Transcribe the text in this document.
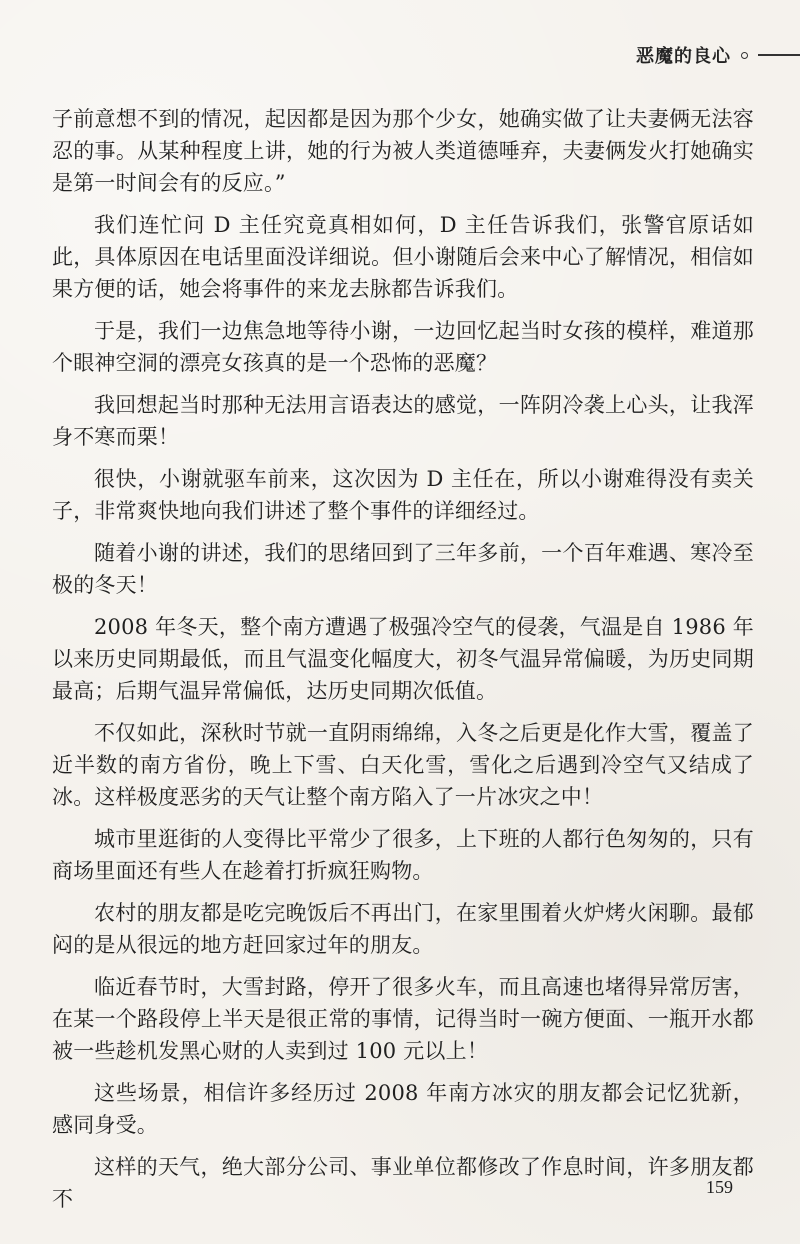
恶魔的良心

子前意想不到的情况，起因都是因为那个少女，她确实做了让夫妻俩无法容忍的事。从某种程度上讲，她的行为被人类道德唾弃，夫妻俩发火打她确实是第一时间会有的反应。”

我们连忙问 D 主任究竟真相如何，D 主任告诉我们，张警官原话如此，具体原因在电话里面没详细说。但小谢随后会来中心了解情况，相信如果方便的话，她会将事件的来龙去脉都告诉我们。

于是，我们一边焦急地等待小谢，一边回忆起当时女孩的模样，难道那个眼神空洞的漂亮女孩真的是一个恐怖的恶魔？

我回想起当时那种无法用言语表达的感觉，一阵阴冷袭上心头，让我浑身不寒而栗！

很快，小谢就驱车前来，这次因为 D 主任在，所以小谢难得没有卖关子，非常爽快地向我们讲述了整个事件的详细经过。

随着小谢的讲述，我们的思绪回到了三年多前，一个百年难遇、寒冷至极的冬天！

2008 年冬天，整个南方遭遇了极强冷空气的侵袭，气温是自 1986 年以来历史同期最低，而且气温变化幅度大，初冬气温异常偏暖，为历史同期最高；后期气温异常偏低，达历史同期次低值。

不仅如此，深秋时节就一直阴雨绵绵，入冬之后更是化作大雪，覆盖了近半数的南方省份，晚上下雪、白天化雪，雪化之后遇到冷空气又结成了冰。这样极度恶劣的天气让整个南方陷入了一片冰灾之中！

城市里逛街的人变得比平常少了很多，上下班的人都行色匆匆的，只有商场里面还有些人在趁着打折疯狂购物。

农村的朋友都是吃完晚饭后不再出门，在家里围着火炉烤火闲聊。最郁闷的是从很远的地方赶回家过年的朋友。

临近春节时，大雪封路，停开了很多火车，而且高速也堵得异常厉害，在某一个路段停上半天是很正常的事情，记得当时一碗方便面、一瓶开水都被一些趁机发黑心财的人卖到过 100 元以上！

这些场景，相信许多经历过 2008 年南方冰灾的朋友都会记忆犹新，感同身受。

这样的天气，绝大部分公司、事业单位都修改了作息时间，许多朋友都不	159
